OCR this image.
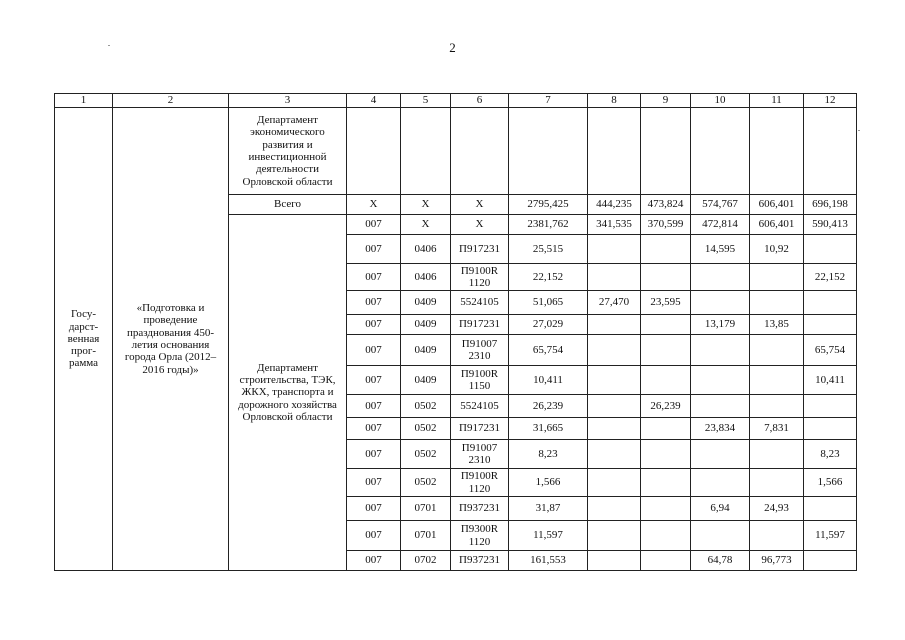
2
1	2	3	4	5	6	7	8	9	10	11	12
Госу-дарст-венная прог-рамма	«Подготовка и проведение празднования 450-летия основания города Орла (2012–2016 годы)»	Департамент экономического развития и инвестиционной деятельности Орловской области									
		Всего	Х	Х	Х	2795,425	444,235	473,824	574,767	606,401	696,198
		Департамент строительства, ТЭК, ЖКХ, транспорта и дорожного хозяйства Орловской области	007	Х	Х	2381,762	341,535	370,599	472,814	606,401	590,413
			007	0406	П917231	25,515			14,595	10,92	
			007	0406	П9100R 1120	22,152					22,152
			007	0409	5524105	51,065	27,470	23,595			
			007	0409	П917231	27,029			13,179	13,85	
			007	0409	П91007 2310	65,754					65,754
			007	0409	П9100R 1150	10,411					10,411
			007	0502	5524105	26,239		26,239			
			007	0502	П917231	31,665			23,834	7,831	
			007	0502	П91007 2310	8,23					8,23
			007	0502	П9100R 1120	1,566					1,566
			007	0701	П937231	31,87			6,94	24,93	
			007	0701	П9300R 1120	11,597					11,597
			007	0702	П937231	161,553			64,78	96,773	
